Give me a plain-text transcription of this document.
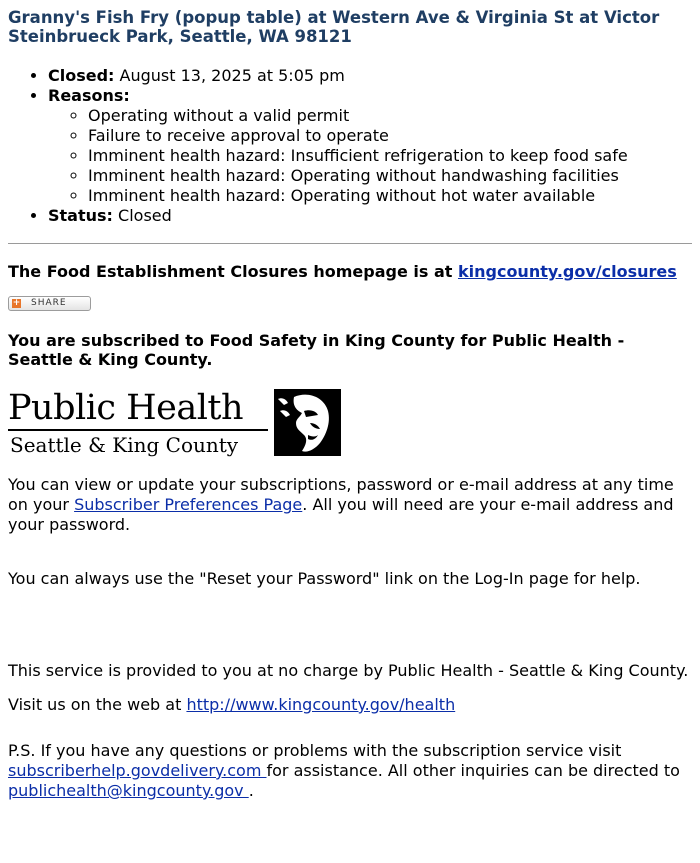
Granny's Fish Fry (popup table) at Western Ave & Virginia St at Victor Steinbrueck Park, Seattle, WA 98121
• Closed: August 13, 2025 at 5:05 pm
• Reasons:
◦ Operating without a valid permit
◦ Failure to receive approval to operate
◦ Imminent health hazard: Insufficient refrigeration to keep food safe
◦ Imminent health hazard: Operating without handwashing facilities
◦ Imminent health hazard: Operating without hot water available
• Status: Closed
The Food Establishment Closures homepage is at kingcounty.gov/closures
+ SHARE
You are subscribed to Food Safety in King County for Public Health - Seattle & King County.
Public Health
Seattle & King County

You can view or update your subscriptions, password or e-mail address at any time on your Subscriber Preferences Page. All you will need are your e-mail address and your password.

You can always use the "Reset your Password" link on the Log-In page for help.

This service is provided to you at no charge by Public Health - Seattle & King County.

Visit us on the web at http://www.kingcounty.gov/health

P.S. If you have any questions or problems with the subscription service visit subscriberhelp.govdelivery.com for assistance. All other inquiries can be directed to publichealth@kingcounty.gov .
